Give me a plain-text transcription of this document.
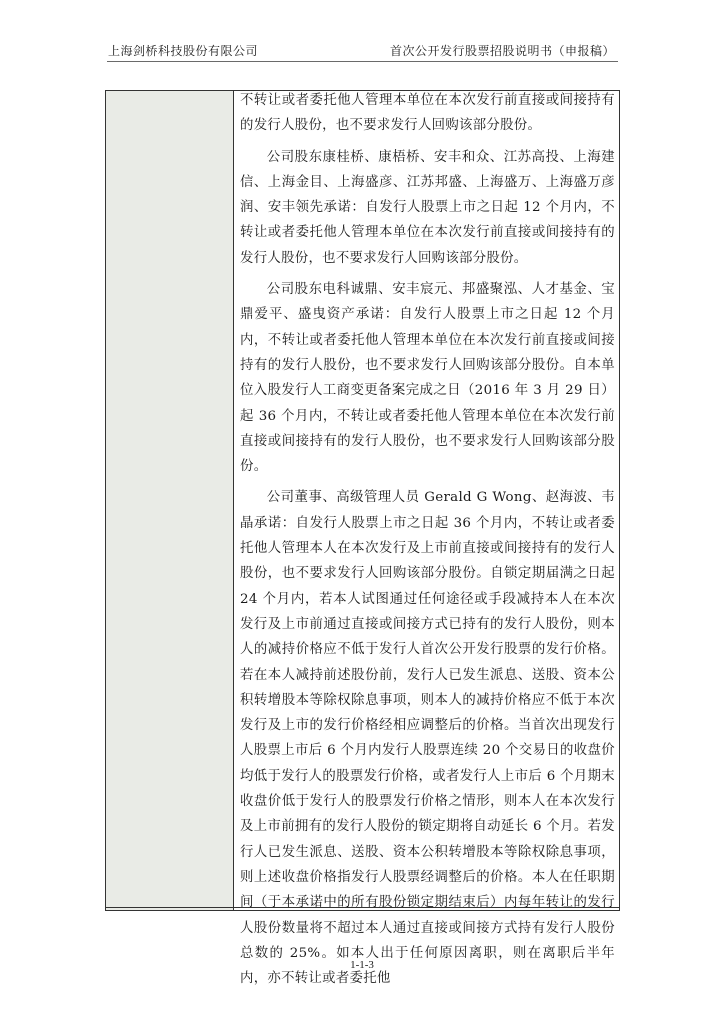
上海剑桥科技股份有限公司	首次公开发行股票招股说明书（申报稿）

不转让或者委托他人管理本单位在本次发行前直接或间接持有的发行人股份，也不要求发行人回购该部分股份。

公司股东康桂桥、康梧桥、安丰和众、江苏高投、上海建信、上海金目、上海盛彦、江苏邦盛、上海盛万、上海盛万彦润、安丰领先承诺：自发行人股票上市之日起 12 个月内，不转让或者委托他人管理本单位在本次发行前直接或间接持有的发行人股份，也不要求发行人回购该部分股份。

公司股东电科诚鼎、安丰宸元、邦盛聚泓、人才基金、宝鼎爱平、盛曳资产承诺：自发行人股票上市之日起 12 个月内，不转让或者委托他人管理本单位在本次发行前直接或间接持有的发行人股份，也不要求发行人回购该部分股份。自本单位入股发行人工商变更备案完成之日（2016 年 3 月 29 日）起 36 个月内，不转让或者委托他人管理本单位在本次发行前直接或间接持有的发行人股份，也不要求发行人回购该部分股份。

公司董事、高级管理人员 Gerald G Wong、赵海波、韦晶承诺：自发行人股票上市之日起 36 个月内，不转让或者委托他人管理本人在本次发行及上市前直接或间接持有的发行人股份，也不要求发行人回购该部分股份。自锁定期届满之日起 24 个月内，若本人试图通过任何途径或手段减持本人在本次发行及上市前通过直接或间接方式已持有的发行人股份，则本人的减持价格应不低于发行人首次公开发行股票的发行价格。若在本人减持前述股份前，发行人已发生派息、送股、资本公积转增股本等除权除息事项，则本人的减持价格应不低于本次发行及上市的发行价格经相应调整后的价格。当首次出现发行人股票上市后 6 个月内发行人股票连续 20 个交易日的收盘价均低于发行人的股票发行价格，或者发行人上市后 6 个月期末收盘价低于发行人的股票发行价格之情形，则本人在本次发行及上市前拥有的发行人股份的锁定期将自动延长 6 个月。若发行人已发生派息、送股、资本公积转增股本等除权除息事项，则上述收盘价格指发行人股票经调整后的价格。本人在任职期间（于本承诺中的所有股份锁定期结束后）内每年转让的发行人股份数量将不超过本人通过直接或间接方式持有发行人股份总数的 25%。如本人出于任何原因离职，则在离职后半年内，亦不转让或者委托他

1-1-3
